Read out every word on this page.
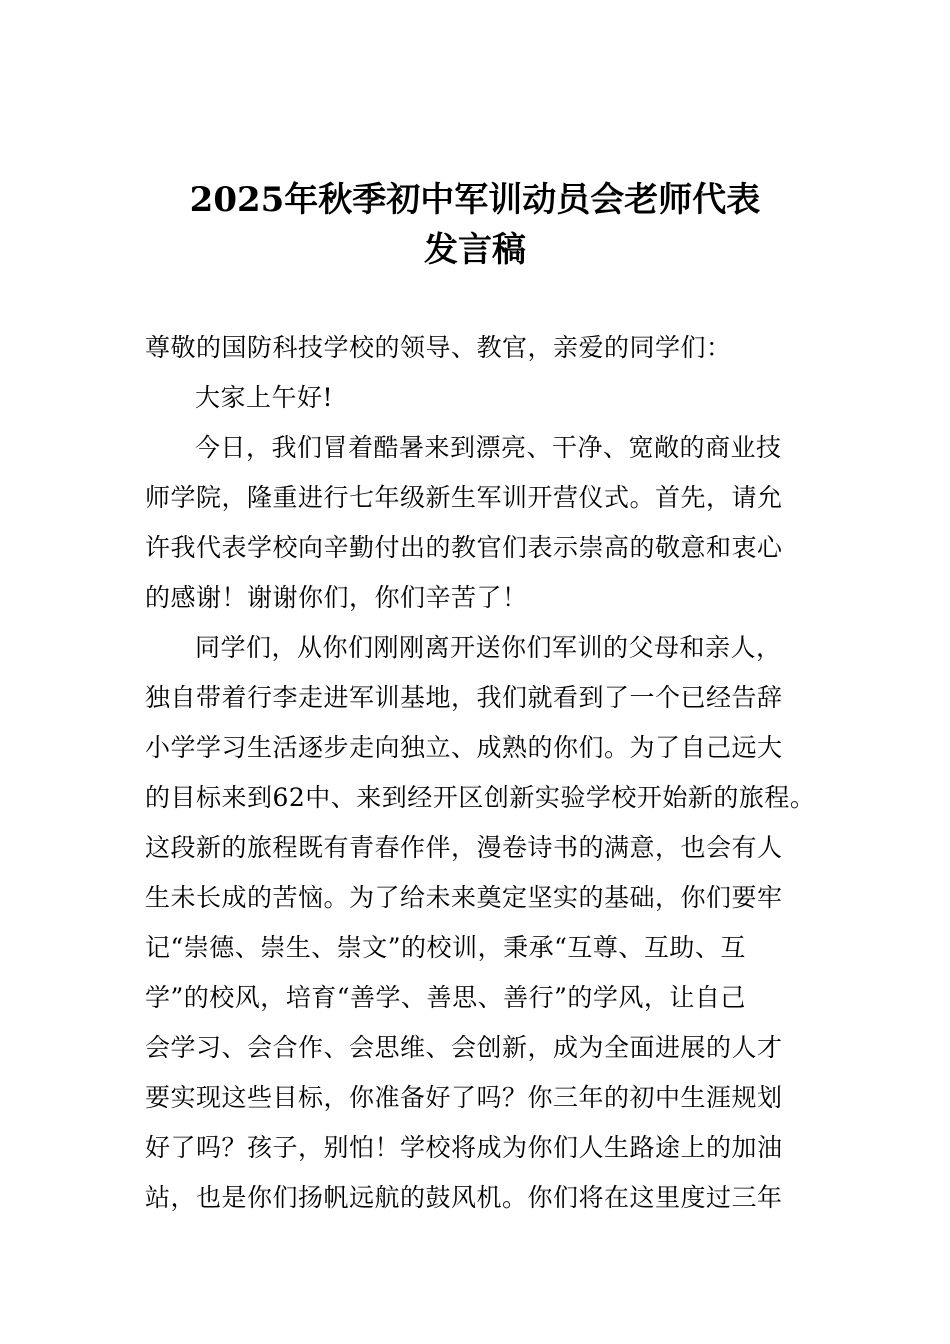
2025年秋季初中军训动员会老师代表
发言稿
尊敬的国防科技学校的领导、教官，亲爱的同学们：
大家上午好!
今日，我们冒着酷暑来到漂亮、干净、宽敞的商业技
师学院，隆重进行七年级新生军训开营仪式。首先，请允
许我代表学校向辛勤付出的教官们表示崇高的敬意和衷心
的感谢！谢谢你们，你们辛苦了！
同学们，从你们刚刚离开送你们军训的父母和亲人，
独自带着行李走进军训基地，我们就看到了一个已经告辞
小学学习生活逐步走向独立、成熟的你们。为了自己远大
的目标来到62中、来到经开区创新实验学校开始新的旅程。
这段新的旅程既有青春作伴，漫卷诗书的满意，也会有人
生未长成的苦恼。为了给未来奠定坚实的基础，你们要牢
记“崇德、崇生、崇文”的校训，秉承“互尊、互助、互
学”的校风，培育“善学、善思、善行”的学风，让自己
会学习、会合作、会思维、会创新，成为全面进展的人才
要实现这些目标，你准备好了吗？你三年的初中生涯规划
好了吗？孩子，别怕！学校将成为你们人生路途上的加油
站，也是你们扬帆远航的鼓风机。你们将在这里度过三年
